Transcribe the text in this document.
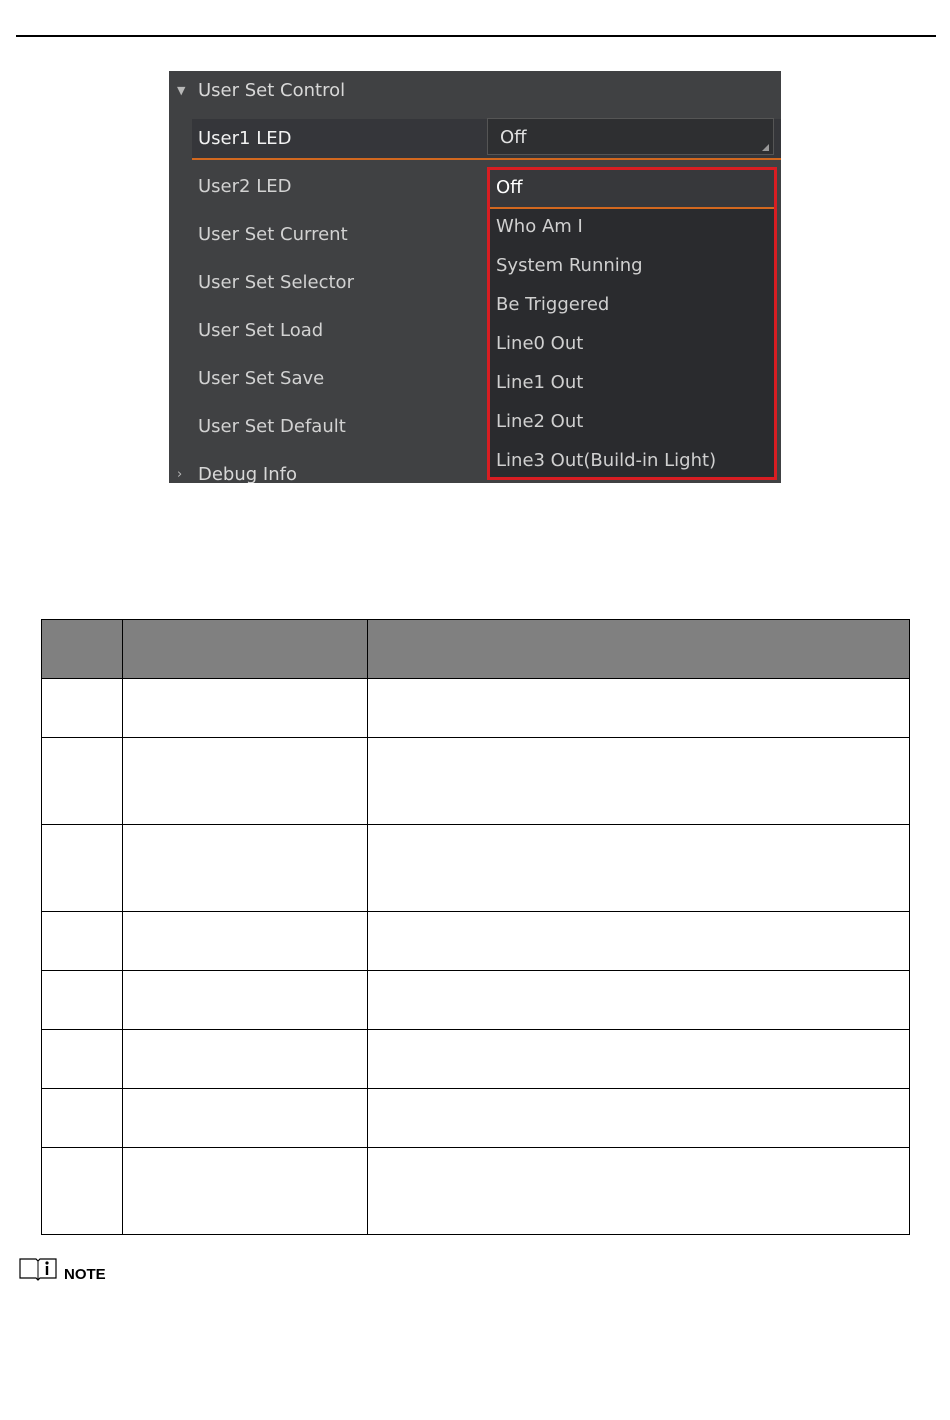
▼ User Set Control
User1 LED	Off
User2 LED
User Set Current
User Set Selector
User Set Load
User Set Save
User Set Default
› Debug Info
Off
Who Am I
System Running
Be Triggered
Line0 Out
Line1 Out
Line2 Out
Line3 Out(Build-in Light)

NOTE
